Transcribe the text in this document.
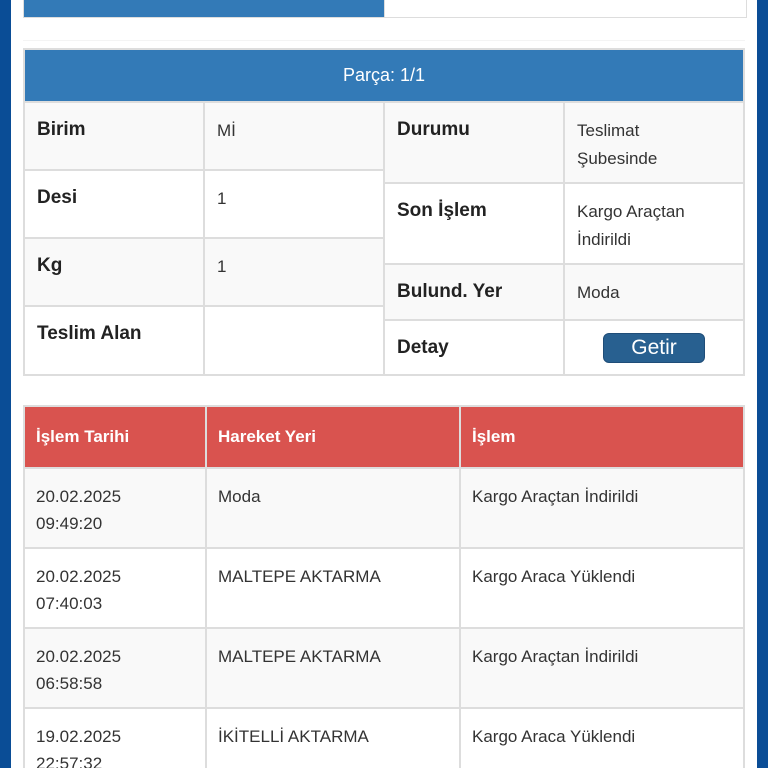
Parça: 1/1
Birim	Mİ
Desi	1
Kg	1
Teslim Alan
Durumu	Teslimat
Şubesinde
Son İşlem	Kargo Araçtan
İndirildi
Bulund. Yer	Moda
Detay	Getir
İşlem Tarihi	Hareket Yeri	İşlem

20.02.2025
09:49:20	Moda	Kargo Araçtan İndirildi

20.02.2025
07:40:03	MALTEPE AKTARMA	Kargo Araca Yüklendi

20.02.2025
06:58:58	MALTEPE AKTARMA	Kargo Araçtan İndirildi

19.02.2025
22:57:32	İKİTELLİ AKTARMA	Kargo Araca Yüklendi
